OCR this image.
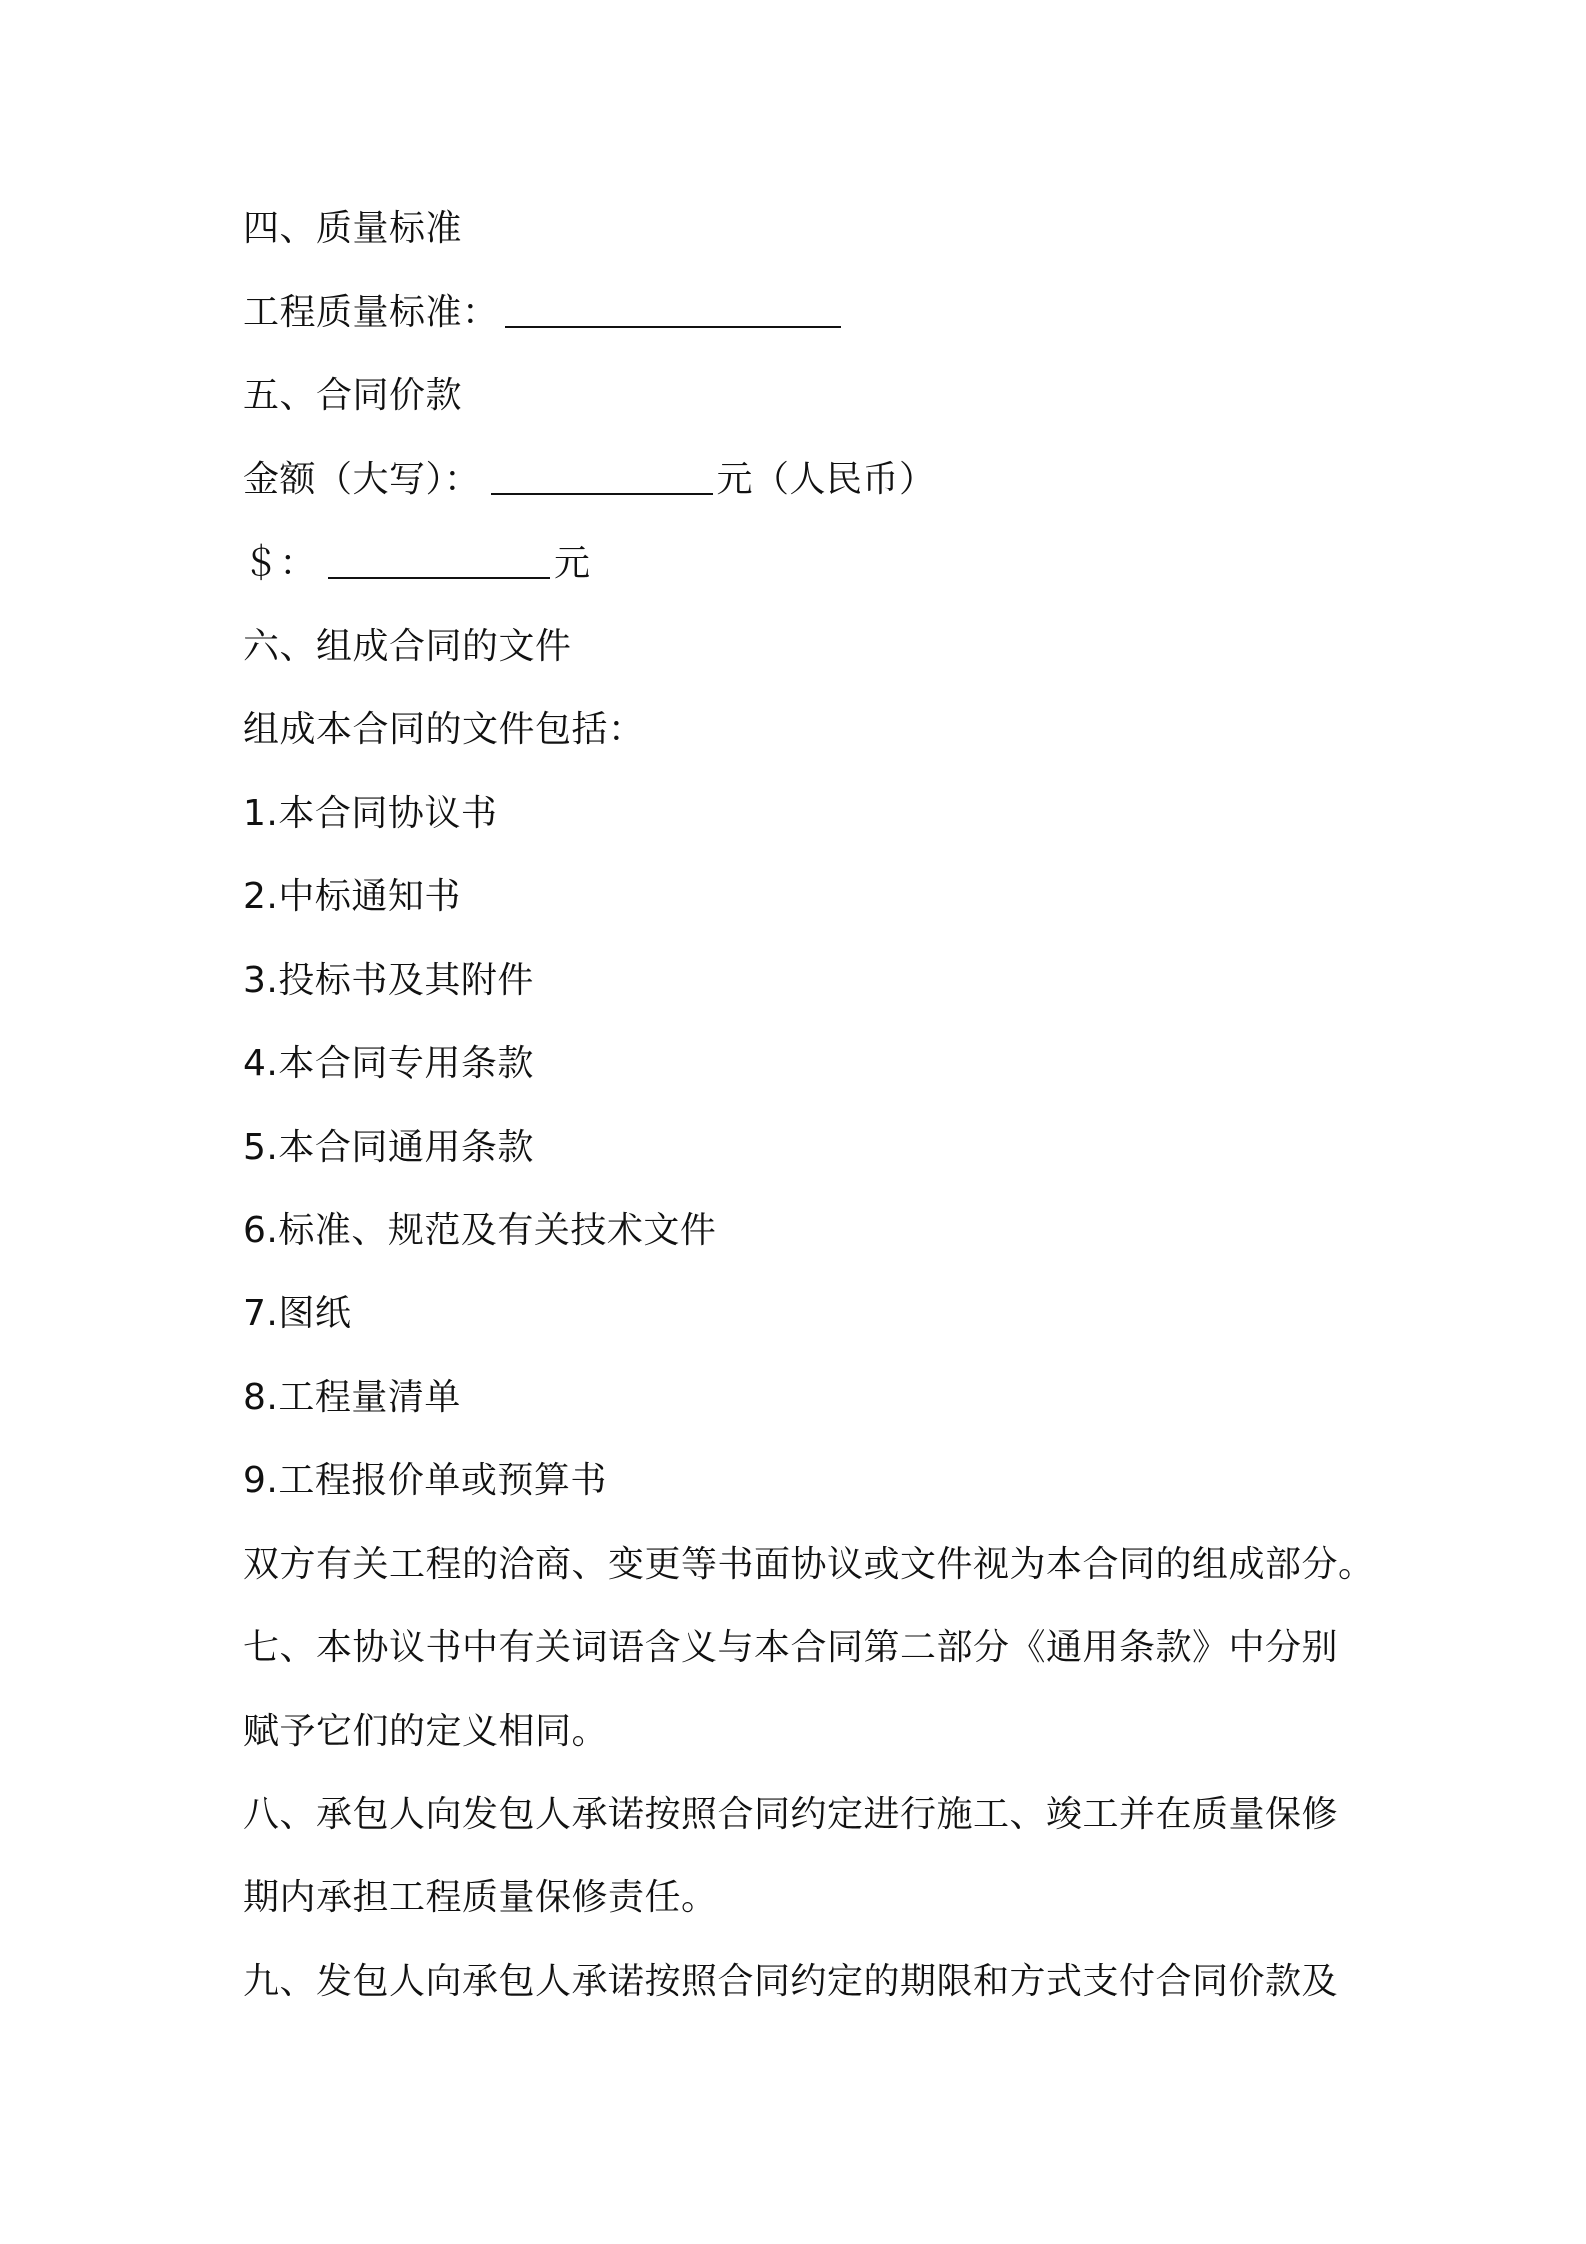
四、质量标准
工程质量标准：
五、合同价款
金额（大写）：	元（人民币）
＄：	元
六、组成合同的文件
组成本合同的文件包括：
1.本合同协议书
2.中标通知书
3.投标书及其附件
4.本合同专用条款
5.本合同通用条款
6.标准、规范及有关技术文件
7.图纸
8.工程量清单
9.工程报价单或预算书
双方有关工程的洽商、变更等书面协议或文件视为本合同的组成部分。
七、本协议书中有关词语含义与本合同第二部分《通用条款》中分别
赋予它们的定义相同。
八、承包人向发包人承诺按照合同约定进行施工、竣工并在质量保修
期内承担工程质量保修责任。
九、发包人向承包人承诺按照合同约定的期限和方式支付合同价款及
